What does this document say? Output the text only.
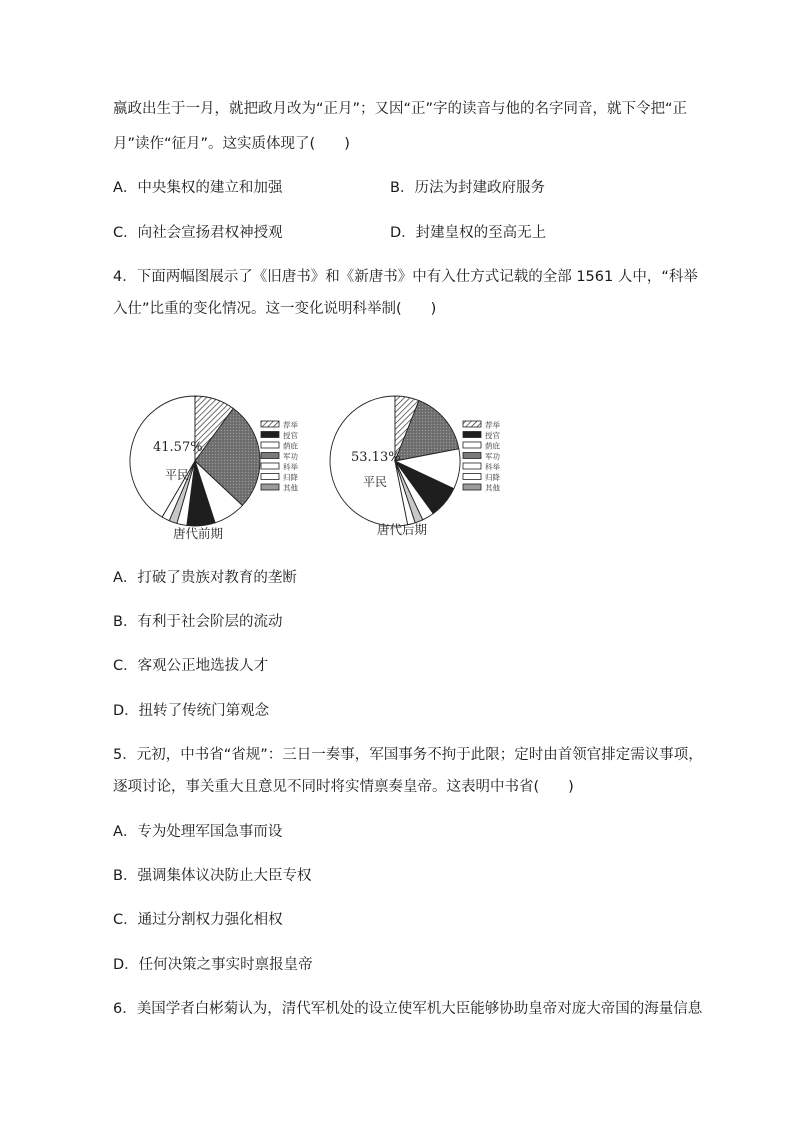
嬴政出生于一月，就把政月改为“正月”；又因“正”字的读音与他的名字同音，就下令把“正
月”读作“征月”。这实质体现了(　　)
A．中央集权的建立和加强	B．历法为封建政府服务
C．向社会宣扬君权神授观	D．封建皇权的至高无上
4．下面两幅图展示了《旧唐书》和《新唐书》中有入仕方式记载的全部 1561 人中，“科举
入仕”比重的变化情况。这一变化说明科举制(　　)
41.57%
平民
唐代前期
荐举
授官
荫庇
军功
科举
归降
其他
53.13%
平民
唐代后期
荐举
授官
荫庇
军功
科举
归降
其他
A．打破了贵族对教育的垄断
B．有利于社会阶层的流动
C．客观公正地选拔人才
D．扭转了传统门第观念
5．元初，中书省“省规”：三日一奏事，军国事务不拘于此限；定时由首领官排定需议事项，
逐项讨论，事关重大且意见不同时将实情禀奏皇帝。这表明中书省(　　)
A．专为处理军国急事而设
B．强调集体议决防止大臣专权
C．通过分割权力强化相权
D．任何决策之事实时禀报皇帝
6．美国学者白彬菊认为，清代军机处的设立使军机大臣能够协助皇帝对庞大帝国的海量信息
